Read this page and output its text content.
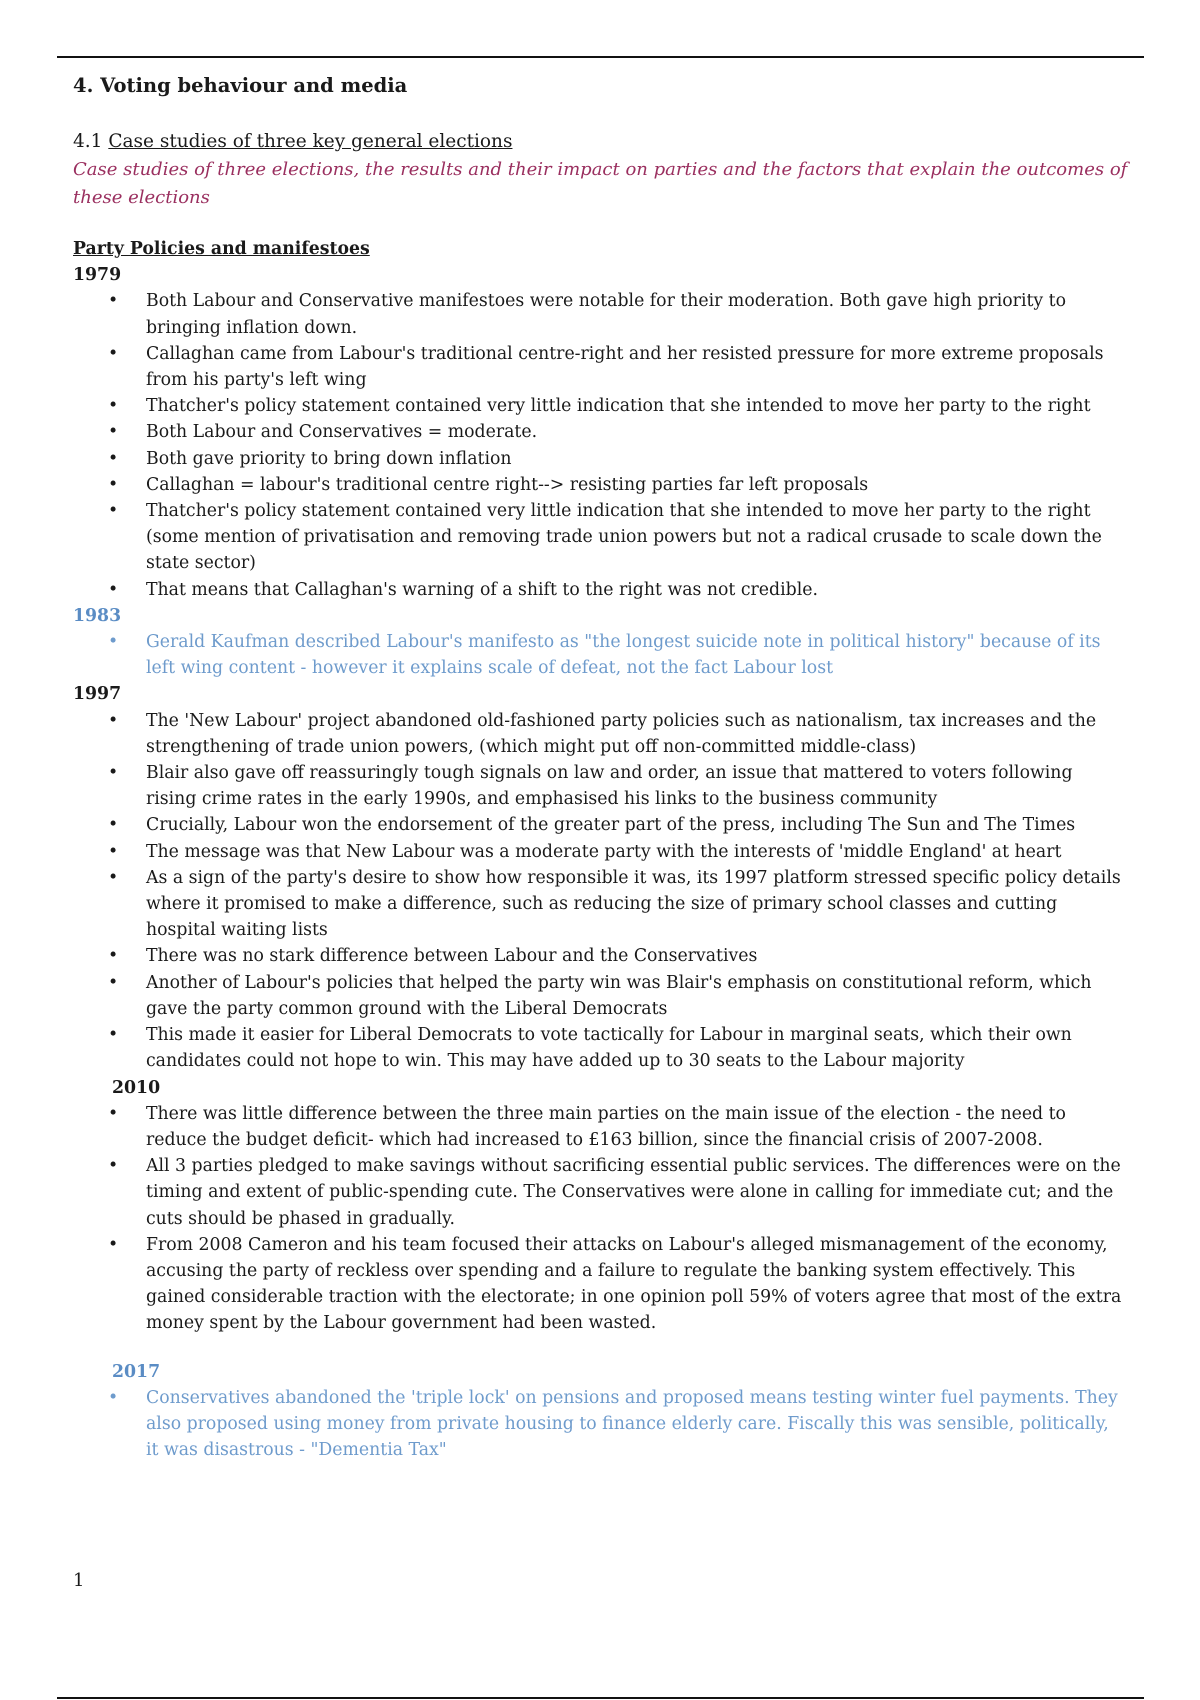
4. Voting behaviour and media
4.1 Case studies of three key general elections
Case studies of three elections, the results and their impact on parties and the factors that explain the outcomes of these elections
Party Policies and manifestoes
1979
• Both Labour and Conservative manifestoes were notable for their moderation. Both gave high priority to bringing inflation down.
• Callaghan came from Labour's traditional centre-right and her resisted pressure for more extreme proposals from his party's left wing
• Thatcher's policy statement contained very little indication that she intended to move her party to the right
• Both Labour and Conservatives = moderate.
• Both gave priority to bring down inflation
• Callaghan = labour's traditional centre right--> resisting parties far left proposals
• Thatcher's policy statement contained very little indication that she intended to move her party to the right (some mention of privatisation and removing trade union powers but not a radical crusade to scale down the state sector)
• That means that Callaghan's warning of a shift to the right was not credible.
1983
• Gerald Kaufman described Labour's manifesto as "the longest suicide note in political history" because of its left wing content - however it explains scale of defeat, not the fact Labour lost
1997
• The 'New Labour' project abandoned old-fashioned party policies such as nationalism, tax increases and the strengthening of trade union powers, (which might put off non-committed middle-class)
• Blair also gave off reassuringly tough signals on law and order, an issue that mattered to voters following rising crime rates in the early 1990s, and emphasised his links to the business community
• Crucially, Labour won the endorsement of the greater part of the press, including The Sun and The Times
• The message was that New Labour was a moderate party with the interests of 'middle England' at heart
• As a sign of the party's desire to show how responsible it was, its 1997 platform stressed specific policy details where it promised to make a difference, such as reducing the size of primary school classes and cutting hospital waiting lists
• There was no stark difference between Labour and the Conservatives
• Another of Labour's policies that helped the party win was Blair's emphasis on constitutional reform, which gave the party common ground with the Liberal Democrats
• This made it easier for Liberal Democrats to vote tactically for Labour in marginal seats, which their own candidates could not hope to win. This may have added up to 30 seats to the Labour majority
2010
• There was little difference between the three main parties on the main issue of the election - the need to reduce the budget deficit- which had increased to £163 billion, since the financial crisis of 2007-2008.
• All 3 parties pledged to make savings without sacrificing essential public services. The differences were on the timing and extent of public-spending cute. The Conservatives were alone in calling for immediate cut; and the cuts should be phased in gradually.
• From 2008 Cameron and his team focused their attacks on Labour's alleged mismanagement of the economy, accusing the party of reckless over spending and a failure to regulate the banking system effectively. This gained considerable traction with the electorate; in one opinion poll 59% of voters agree that most of the extra money spent by the Labour government had been wasted.
2017
• Conservatives abandoned the 'triple lock' on pensions and proposed means testing winter fuel payments. They also proposed using money from private housing to finance elderly care. Fiscally this was sensible, politically, it was disastrous - "Dementia Tax"
1
